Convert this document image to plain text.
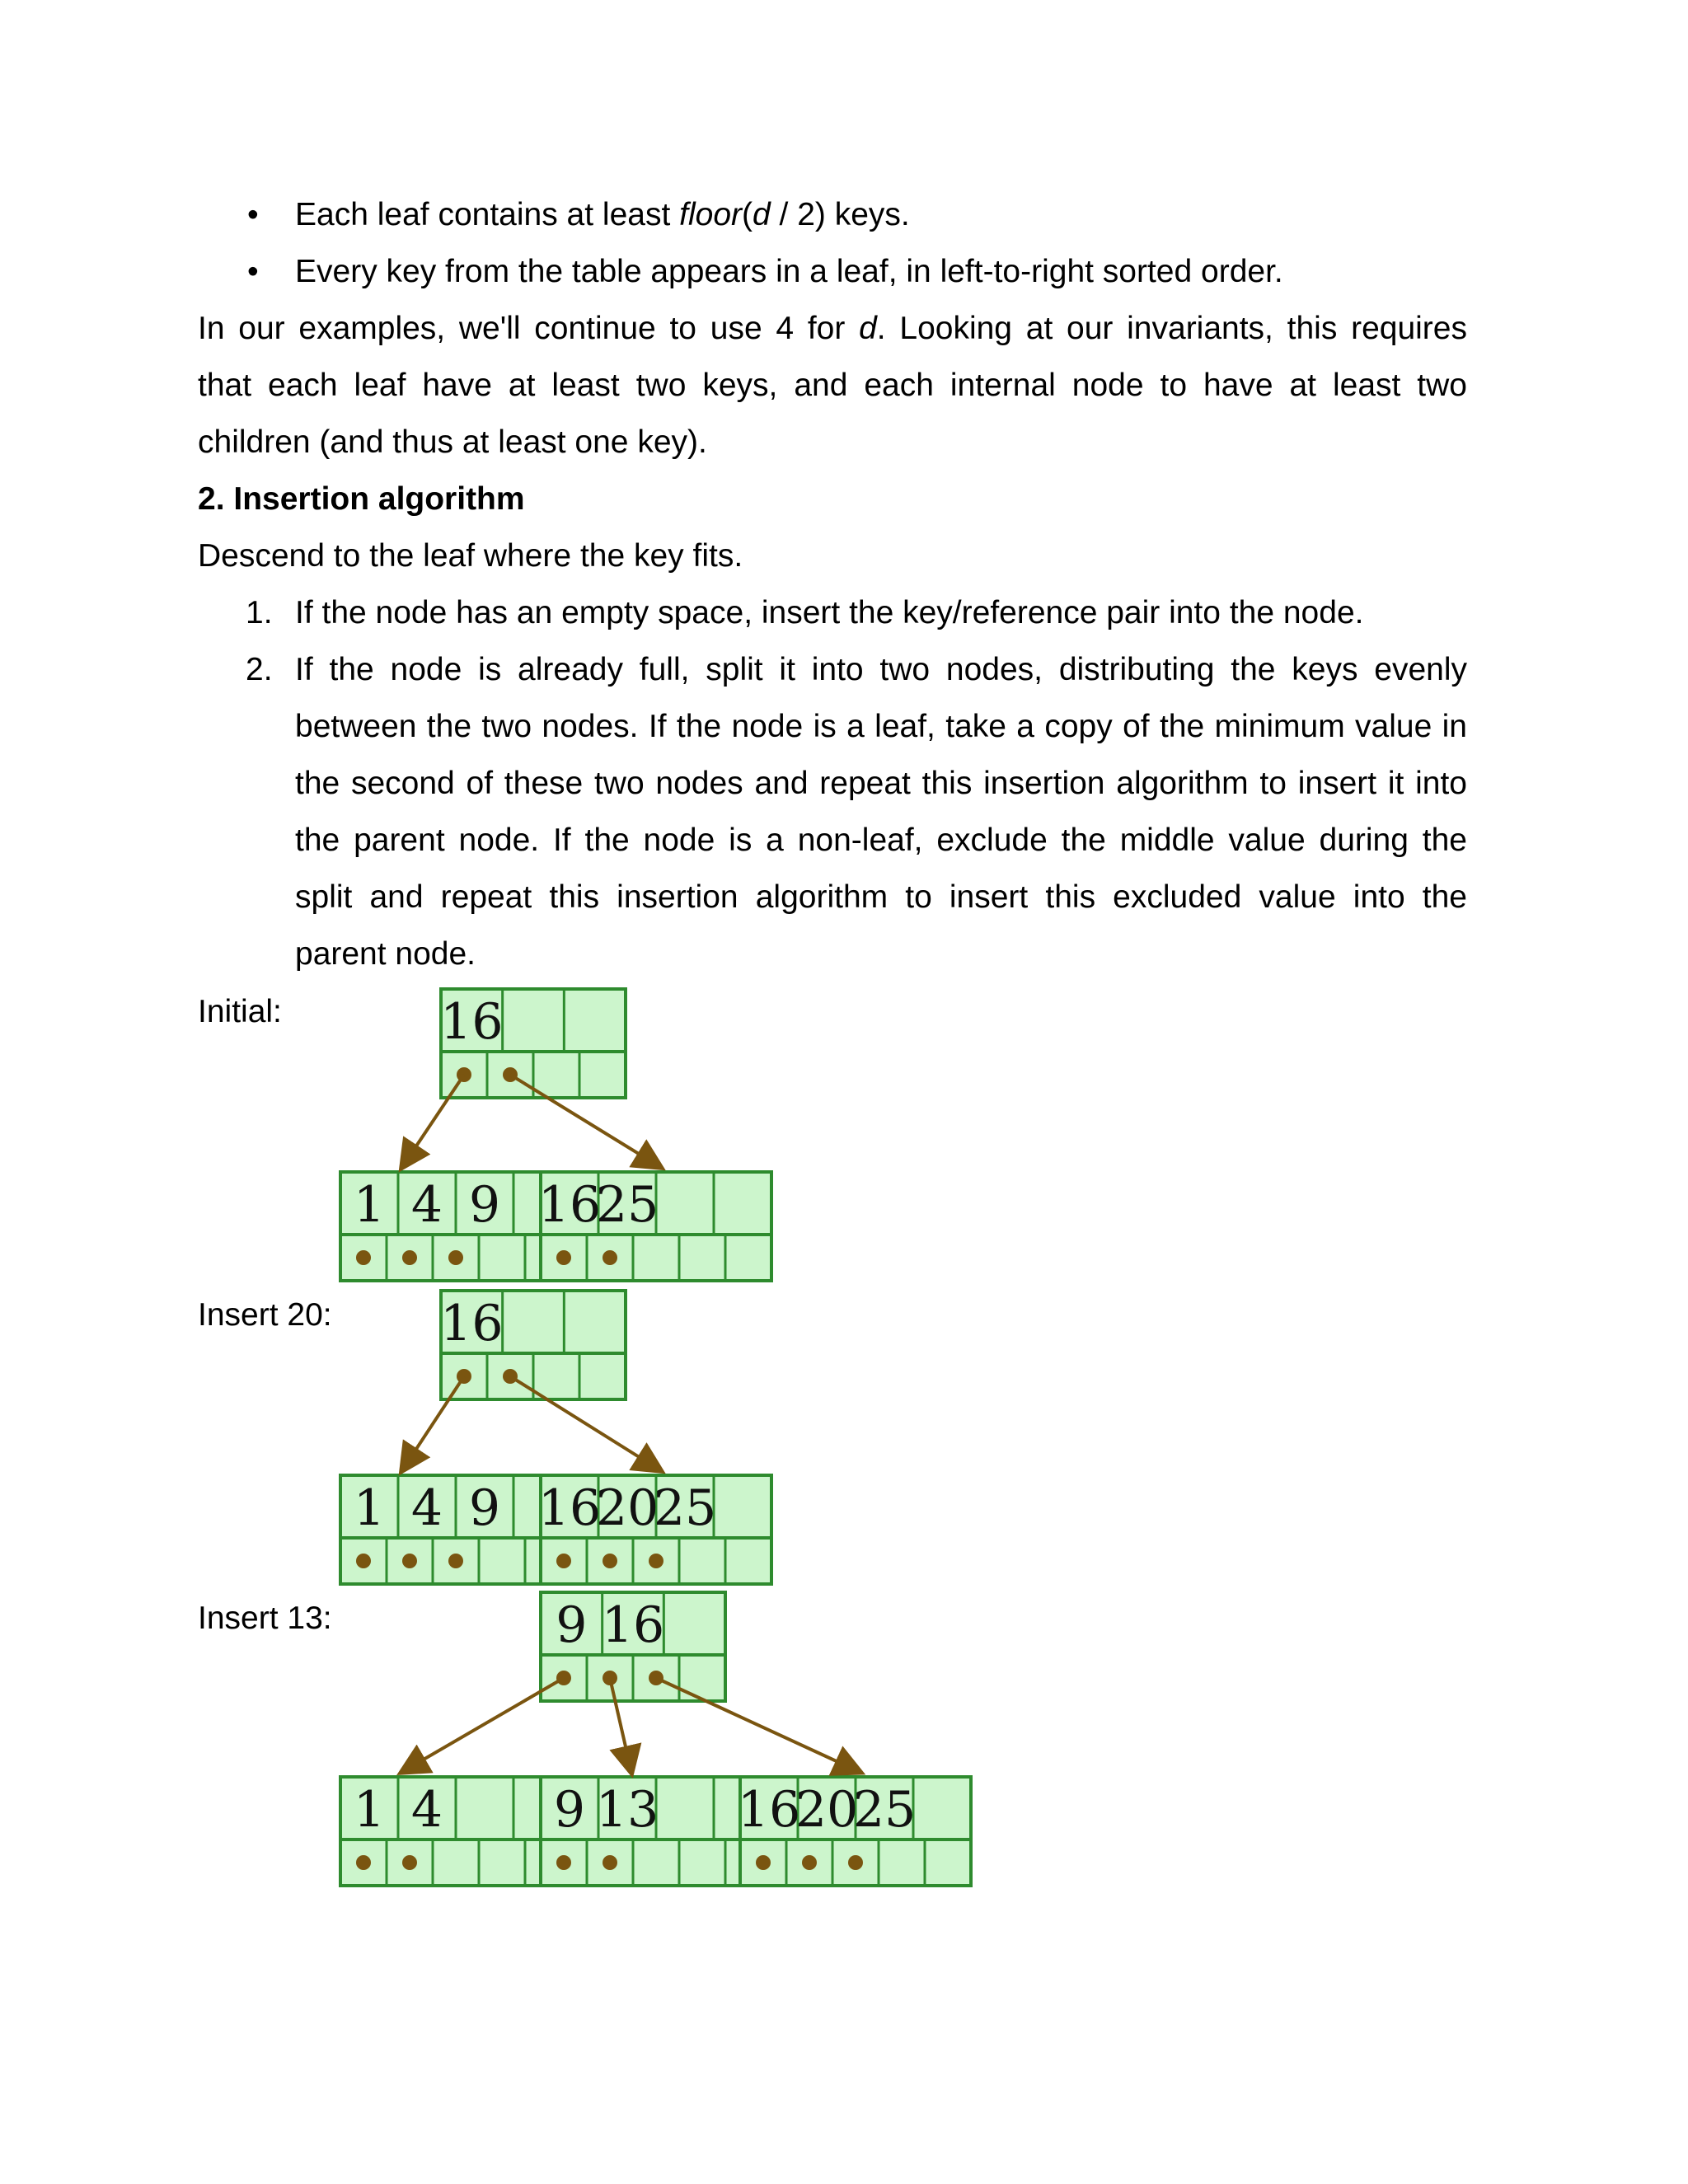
• Each leaf contains at least floor(d / 2) keys.
• Every key from the table appears in a leaf, in left-to-right sorted order.
In our examples, we'll continue to use 4 for d. Looking at our invariants, this requires
that each leaf have at least two keys, and each internal node to have at least two
children (and thus at least one key).
2. Insertion algorithm
Descend to the leaf where the key fits.
1. If the node has an empty space, insert the key/reference pair into the node.
2. If the node is already full, split it into two nodes, distributing the keys evenly
between the two nodes. If the node is a leaf, take a copy of the minimum value in
the second of these two nodes and repeat this insertion algorithm to insert it into
the parent node. If the node is a non-leaf, exclude the middle value during the
split and repeat this insertion algorithm to insert this excluded value into the
parent node.
Initial:
Insert 20:
Insert 13:
16
1 4 9 16
25
16
1 4 9 16
20
25
9 16
1 4 9 13 16
20
25
